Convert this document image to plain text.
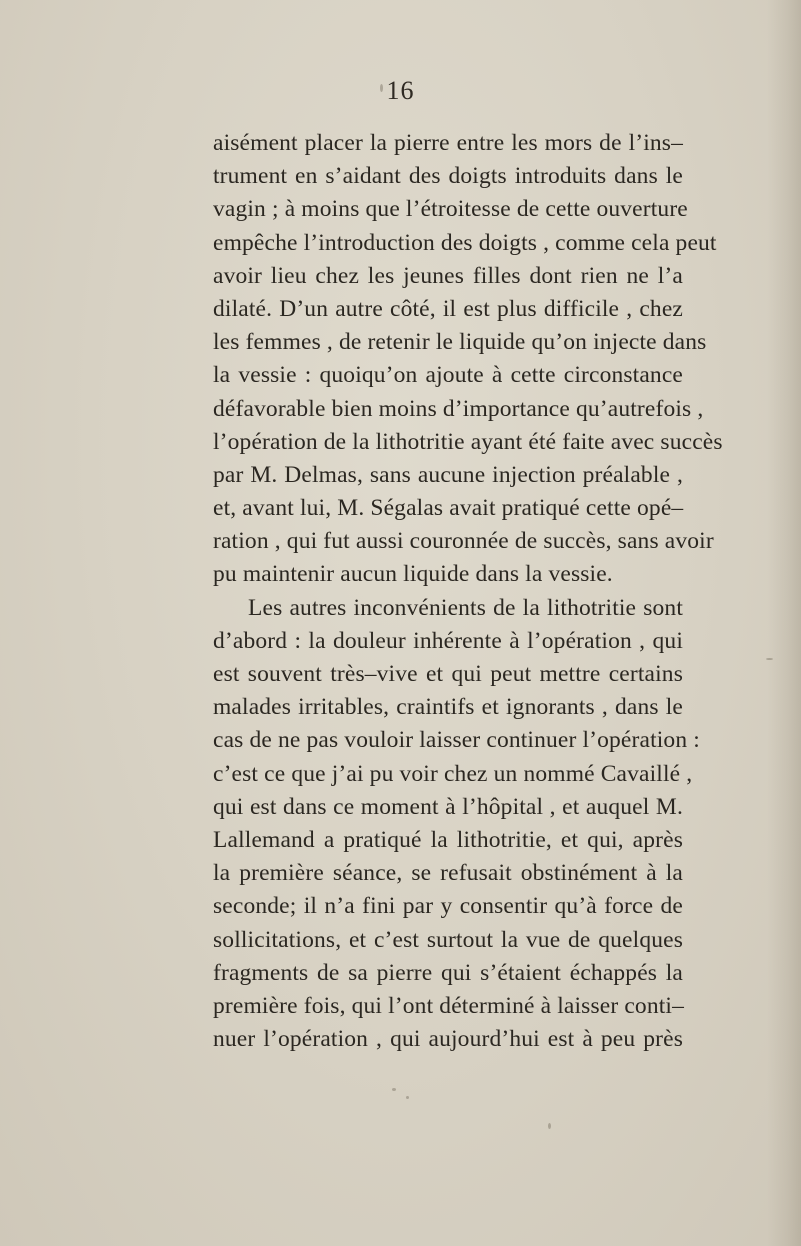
16
aisément placer la pierre entre les mors de l’ins–
trument en s’aidant des doigts introduits dans le
vagin ; à moins que l’étroitesse de cette ouverture
empêche l’introduction des doigts , comme cela peut
avoir lieu chez les jeunes filles dont rien ne l’a
dilaté. D’un autre côté, il est plus difficile , chez
les femmes , de retenir le liquide qu’on injecte dans
la vessie : quoiqu’on ajoute à cette circonstance
défavorable bien moins d’importance qu’autrefois ,
l’opération de la lithotritie ayant été faite avec succès
par M. Delmas, sans aucune injection préalable ,
et, avant lui, M. Ségalas avait pratiqué cette opé–
ration , qui fut aussi couronnée de succès, sans avoir
pu maintenir aucun liquide dans la vessie.
Les autres inconvénients de la lithotritie sont
d’abord : la douleur inhérente à l’opération , qui
est souvent très–vive et qui peut mettre certains
malades irritables, craintifs et ignorants , dans le
cas de ne pas vouloir laisser continuer l’opération :
c’est ce que j’ai pu voir chez un nommé Cavaillé ,
qui est dans ce moment à l’hôpital , et auquel M.
Lallemand a pratiqué la lithotritie, et qui, après
la première séance, se refusait obstinément à la
seconde; il n’a fini par y consentir qu’à force de
sollicitations, et c’est surtout la vue de quelques
fragments de sa pierre qui s’étaient échappés la
première fois, qui l’ont déterminé à laisser conti–
nuer l’opération , qui aujourd’hui est à peu près
